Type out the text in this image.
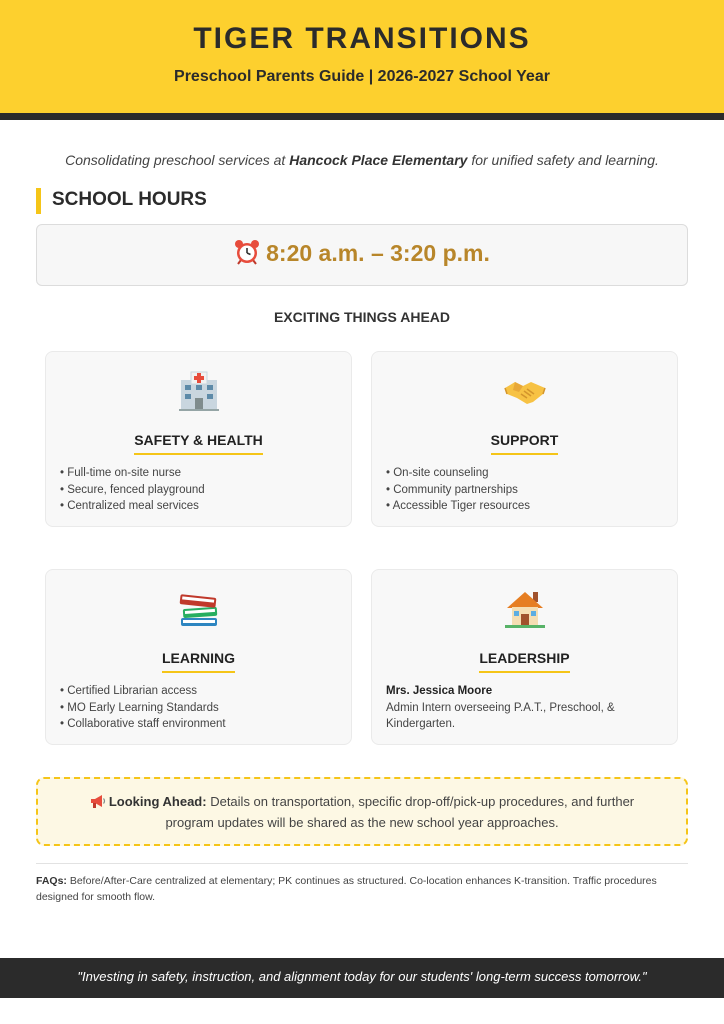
TIGER TRANSITIONS
Preschool Parents Guide | 2026-2027 School Year
Consolidating preschool services at Hancock Place Elementary for unified safety and learning.
SCHOOL HOURS
8:20 a.m. – 3:20 p.m.
EXCITING THINGS AHEAD
SAFETY & HEALTH
• Full-time on-site nurse
• Secure, fenced playground
• Centralized meal services
SUPPORT
• On-site counseling
• Community partnerships
• Accessible Tiger resources
LEARNING
• Certified Librarian access
• MO Early Learning Standards
• Collaborative staff environment
LEADERSHIP
Mrs. Jessica Moore
Admin Intern overseeing P.A.T., Preschool, & Kindergarten.
Looking Ahead: Details on transportation, specific drop-off/pick-up procedures, and further program updates will be shared as the new school year approaches.
FAQs: Before/After-Care centralized at elementary; PK continues as structured. Co-location enhances K-transition. Traffic procedures designed for smooth flow.
"Investing in safety, instruction, and alignment today for our students' long-term success tomorrow."
